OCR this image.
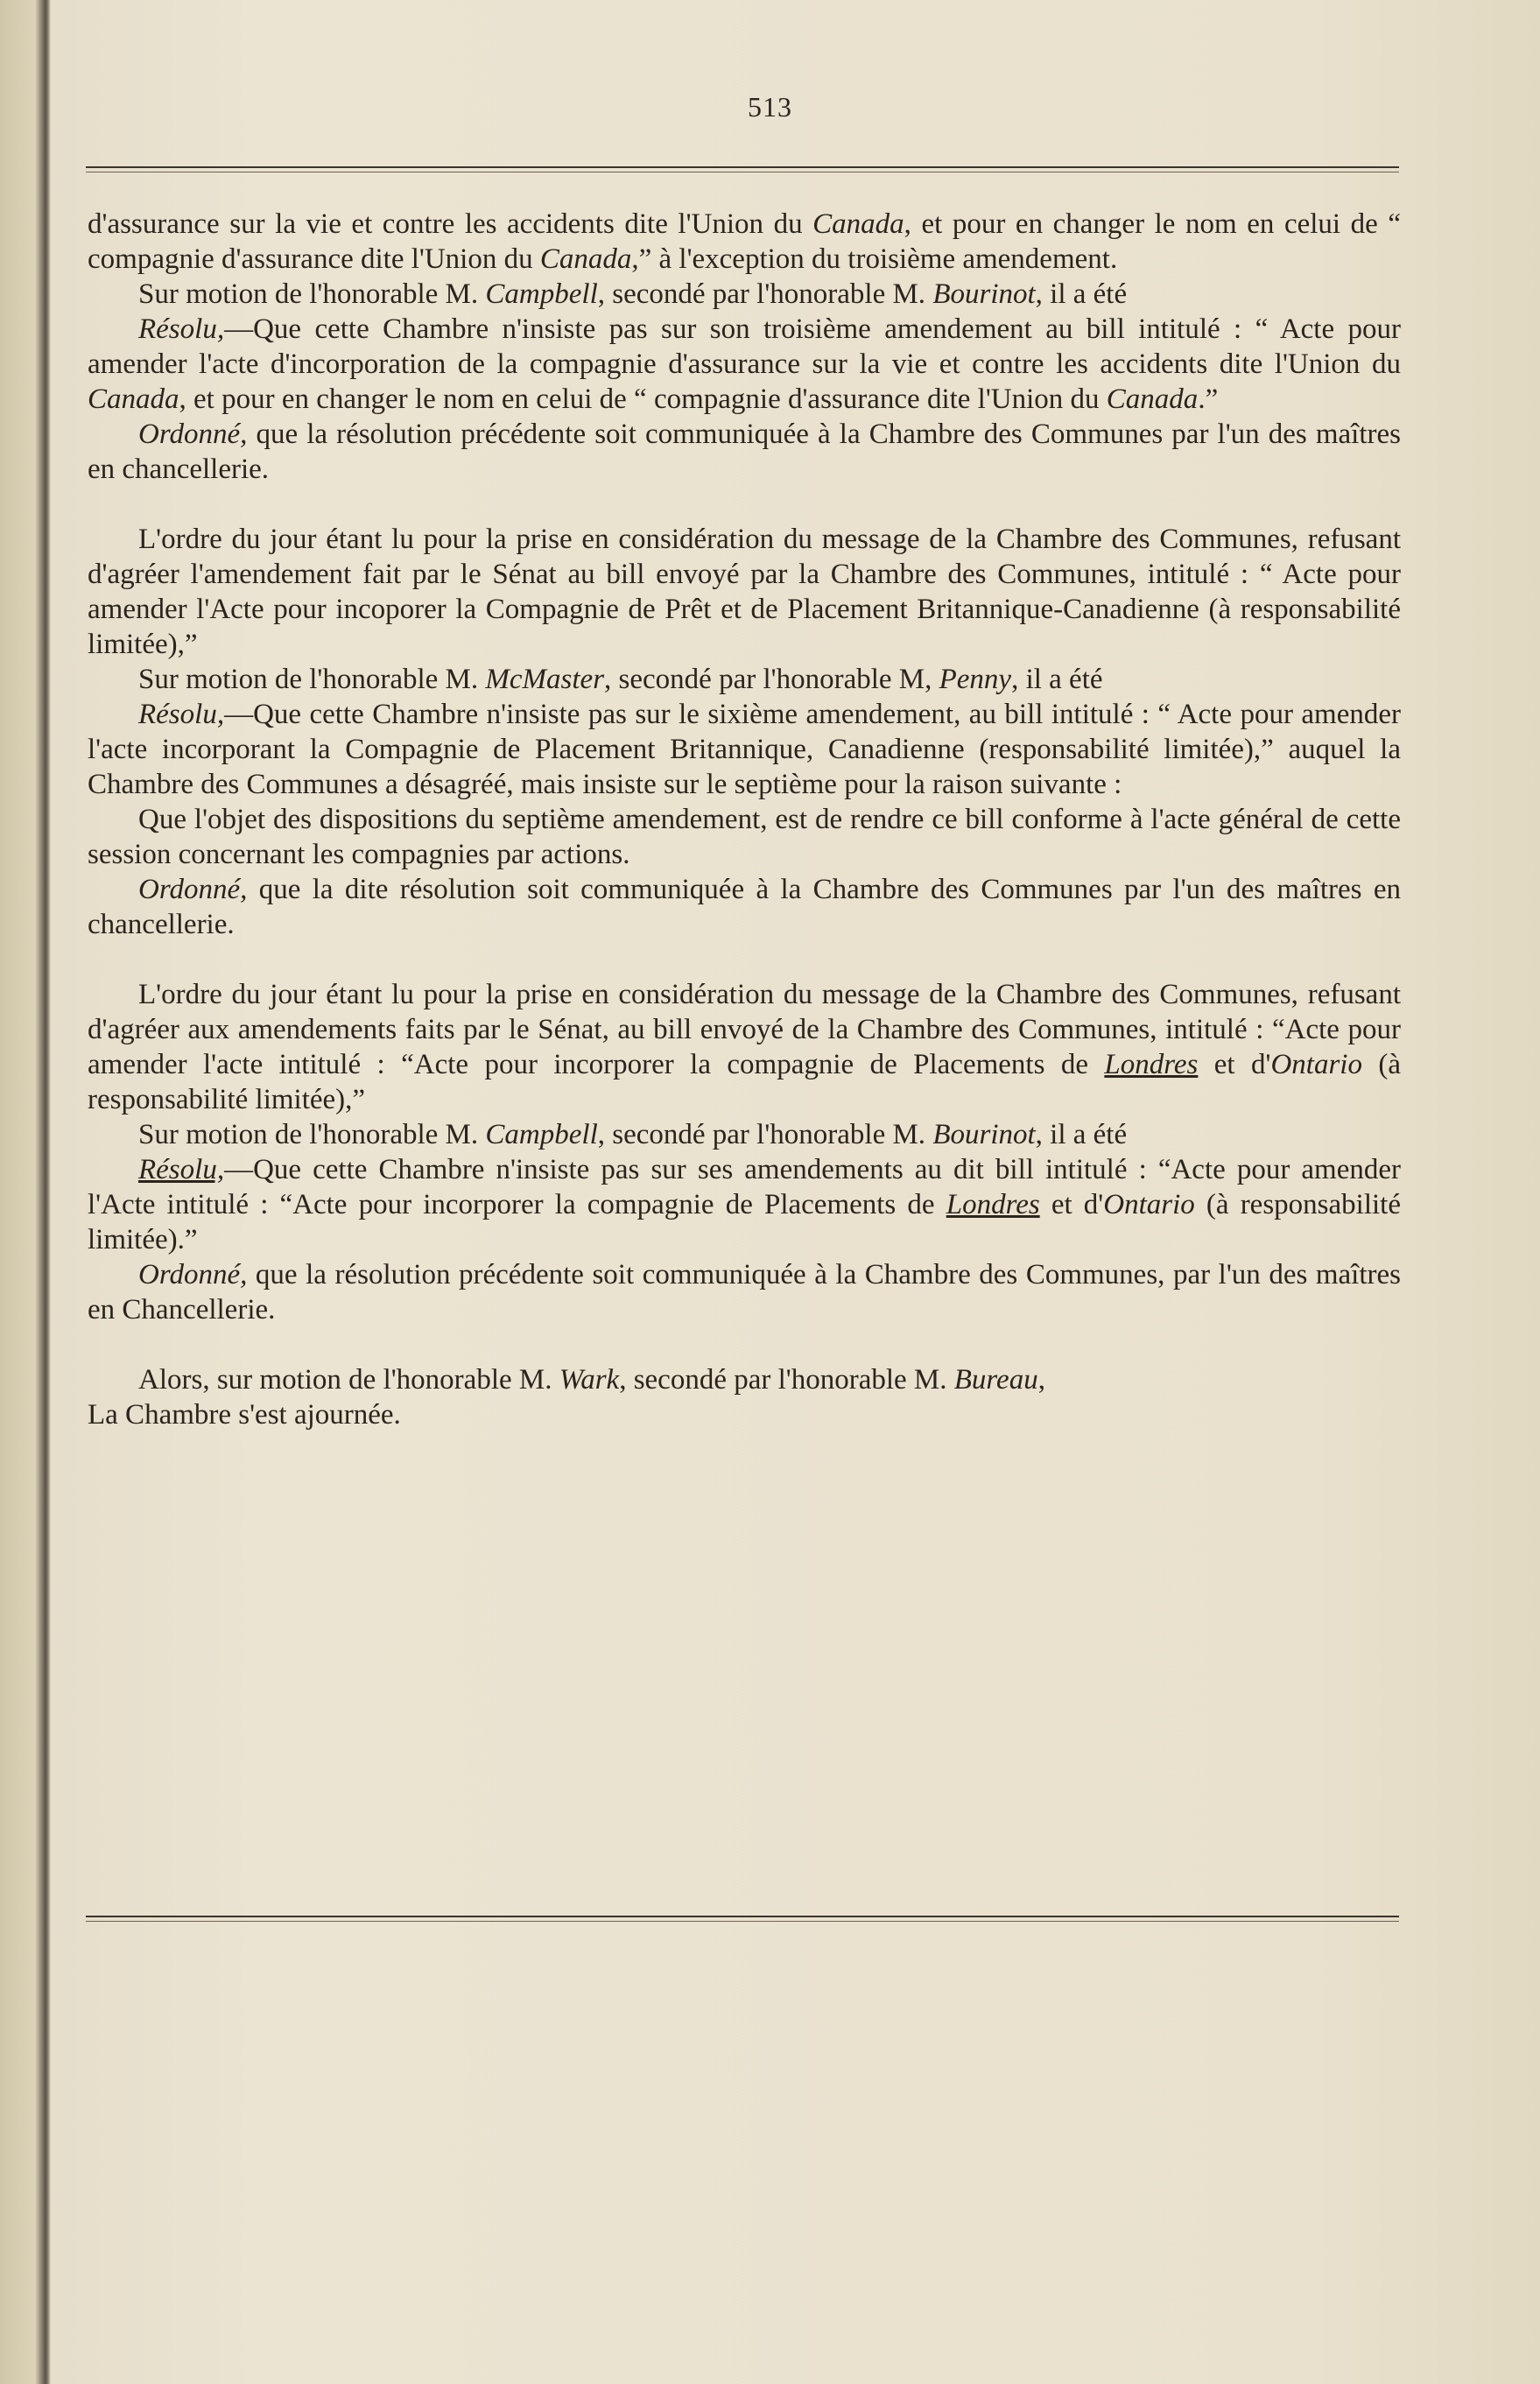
513

d'assurance sur la vie et contre les accidents dite l'Union du Canada, et pour en changer le nom en celui de “ compagnie d'assurance dite l'Union du Canada,” à l'exception du troisième amendement.

Sur motion de l'honorable M. Campbell, secondé par l'honorable M. Bourinot, il a été

Résolu,—Que cette Chambre n'insiste pas sur son troisième amendement au bill intitulé : “ Acte pour amender l'acte d'incorporation de la compagnie d'assurance sur la vie et contre les accidents dite l'Union du Canada, et pour en changer le nom en celui de “ compagnie d'assurance dite l'Union du Canada.”

Ordonné, que la résolution précédente soit communiquée à la Chambre des Communes par l'un des maîtres en chancellerie.

L'ordre du jour étant lu pour la prise en considération du message de la Chambre des Communes, refusant d'agréer l'amendement fait par le Sénat au bill envoyé par la Chambre des Communes, intitulé : “ Acte pour amender l'Acte pour incoporer la Compagnie de Prêt et de Placement Britannique-Canadienne (à responsabilité limitée),”

Sur motion de l'honorable M. McMaster, secondé par l'honorable M, Penny, il a été

Résolu,—Que cette Chambre n'insiste pas sur le sixième amendement, au bill intitulé : “ Acte pour amender l'acte incorporant la Compagnie de Placement Britannique, Canadienne (responsabilité limitée),” auquel la Chambre des Communes a désagréé, mais insiste sur le septième pour la raison suivante :

Que l'objet des dispositions du septième amendement, est de rendre ce bill conforme à l'acte général de cette session concernant les compagnies par actions.

Ordonné, que la dite résolution soit communiquée à la Chambre des Communes par l'un des maîtres en chancellerie.

L'ordre du jour étant lu pour la prise en considération du message de la Chambre des Communes, refusant d'agréer aux amendements faits par le Sénat, au bill envoyé de la Chambre des Communes, intitulé : “Acte pour amender l'acte intitulé : “Acte pour incorporer la compagnie de Placements de Londres et d'Ontario (à responsabilité limitée),”

Sur motion de l'honorable M. Campbell, secondé par l'honorable M. Bourinot, il a été

Résolu,—Que cette Chambre n'insiste pas sur ses amendements au dit bill intitulé : “Acte pour amender l'Acte intitulé : “Acte pour incorporer la compagnie de Placements de Londres et d'Ontario (à responsabilité limitée).”

Ordonné, que la résolution précédente soit communiquée à la Chambre des Communes, par l'un des maîtres en Chancellerie.

Alors, sur motion de l'honorable M. Wark, secondé par l'honorable M. Bureau,

La Chambre s'est ajournée.
